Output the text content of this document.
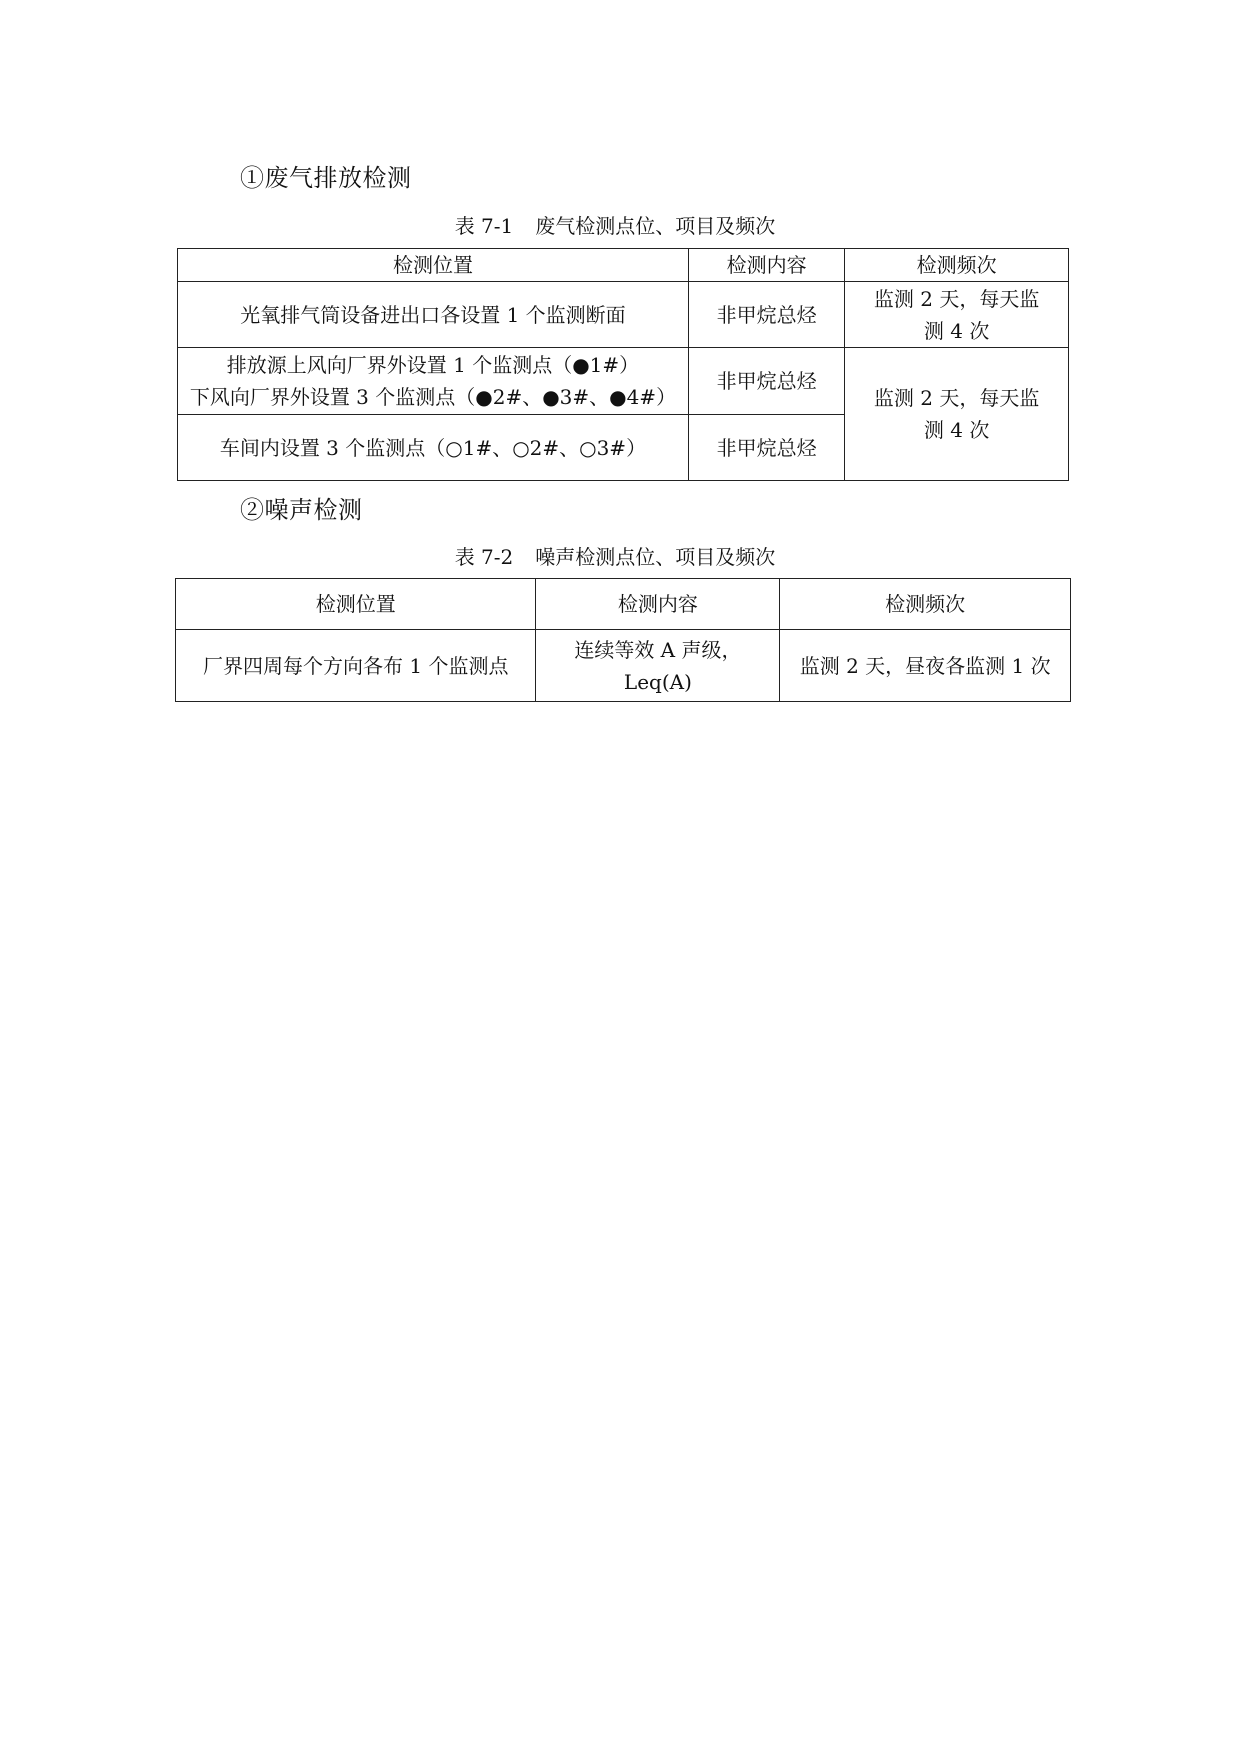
①废气排放检测
表 7-1 废气检测点位、项目及频次
检测位置	检测内容	检测频次

光氧排气筒设备进出口各设置 1 个监测断面	非甲烷总烃	监测 2 天，每天监
测 4 次

排放源上风向厂界外设置 1 个监测点（●1#）
下风向厂界外设置 3 个监测点（●2#、●3#、●4#）	非甲烷总烃	监测 2 天，每天监
测 4 次

车间内设置 3 个监测点（○1#、○2#、○3#）	非甲烷总烃	
②噪声检测
表 7-2 噪声检测点位、项目及频次
检测位置	检测内容	检测频次
厂界四周每个方向各布 1 个监测点	连续等效 A 声级，
Leq(A)	监测 2 天，昼夜各监测 1 次
